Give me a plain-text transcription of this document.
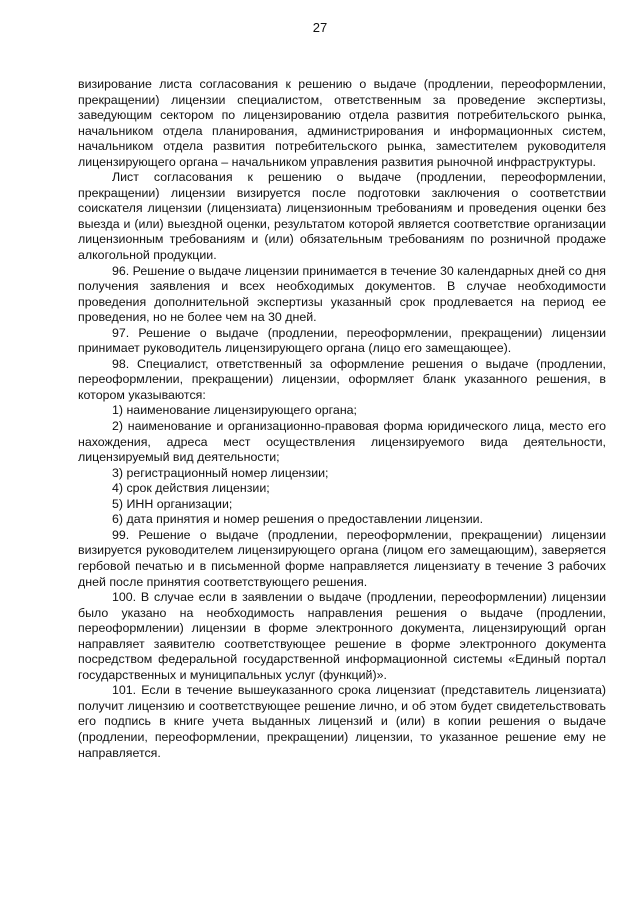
27

визирование листа согласования к решению о выдаче (продлении, переоформлении, прекращении) лицензии специалистом, ответственным за проведение экспертизы, заведующим сектором по лицензированию отдела развития потребительского рынка, начальником отдела планирования, администрирования и информационных систем, начальником отдела развития потребительского рынка, заместителем руководителя лицензирующего органа – начальником управления развития рыночной инфраструктуры.

Лист согласования к решению о выдаче (продлении, переоформлении, прекращении) лицензии визируется после подготовки заключения о соответствии соискателя лицензии (лицензиата) лицензионным требованиям и проведения оценки без выезда и (или) выездной оценки, результатом которой является соответствие организации лицензионным требованиям и (или) обязательным требованиям по розничной продаже алкогольной продукции.

96. Решение о выдаче лицензии принимается в течение 30 календарных дней со дня получения заявления и всех необходимых документов. В случае необходимости проведения дополнительной экспертизы указанный срок продлевается на период ее проведения, но не более чем на 30 дней.

97. Решение о выдаче (продлении, переоформлении, прекращении) лицензии принимает руководитель лицензирующего органа (лицо его замещающее).

98. Специалист, ответственный за оформление решения о выдаче (продлении, переоформлении, прекращении) лицензии, оформляет бланк указанного решения, в котором указываются:

1) наименование лицензирующего органа;

2) наименование и организационно-правовая форма юридического лица, место его нахождения, адреса мест осуществления лицензируемого вида деятельности, лицензируемый вид деятельности;

3) регистрационный номер лицензии;

4) срок действия лицензии;

5) ИНН организации;

6) дата принятия и номер решения о предоставлении лицензии.

99. Решение о выдаче (продлении, переоформлении, прекращении) лицензии визируется руководителем лицензирующего органа (лицом его замещающим), заверяется гербовой печатью и в письменной форме направляется лицензиату в течение 3 рабочих дней после принятия соответствующего решения.

100. В случае если в заявлении о выдаче (продлении, переоформлении) лицензии было указано на необходимость направления решения о выдаче (продлении, переоформлении) лицензии в форме электронного документа, лицензирующий орган направляет заявителю соответствующее решение в форме электронного документа посредством федеральной государственной информационной системы «Единый портал государственных и муниципальных услуг (функций)».

101. Если в течение вышеуказанного срока лицензиат (представитель лицензиата) получит лицензию и соответствующее решение лично, и об этом будет свидетельствовать его подпись в книге учета выданных лицензий и (или) в копии решения о выдаче (продлении, переоформлении, прекращении) лицензии, то указанное решение ему не направляется.
